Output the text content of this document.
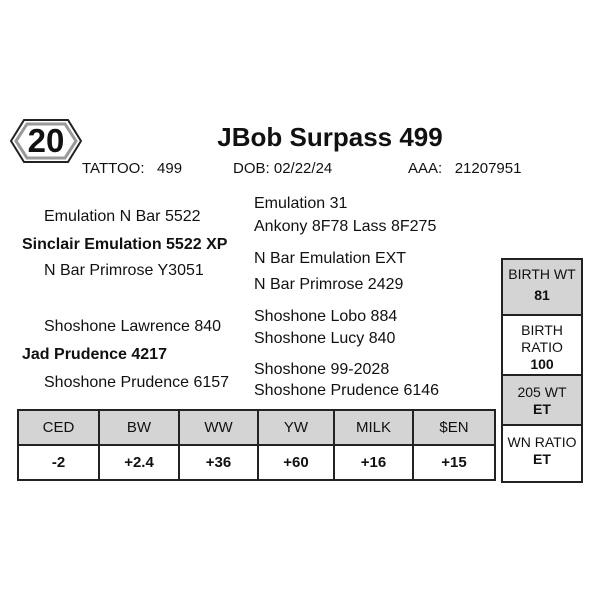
20	JBob Surpass 499
TATTOO: 499	DOB: 02/22/24	AAA: 21207951
Emulation N Bar 5522
Sinclair Emulation 5522 XP
N Bar Primrose Y3051
Shoshone Lawrence 840
Jad Prudence 4217
Shoshone Prudence 6157
Emulation 31
Ankony 8F78 Lass 8F275
N Bar Emulation EXT
N Bar Primrose 2429
Shoshone Lobo 884
Shoshone Lucy 840
Shoshone 99-2028
Shoshone Prudence 6146
CED	BW	WW	YW	MILK	$EN
-2	+2.4	+36	+60	+16	+15
BIRTH WT
81
BIRTH
RATIO
100
205 WT
ET
WN RATIO
ET
